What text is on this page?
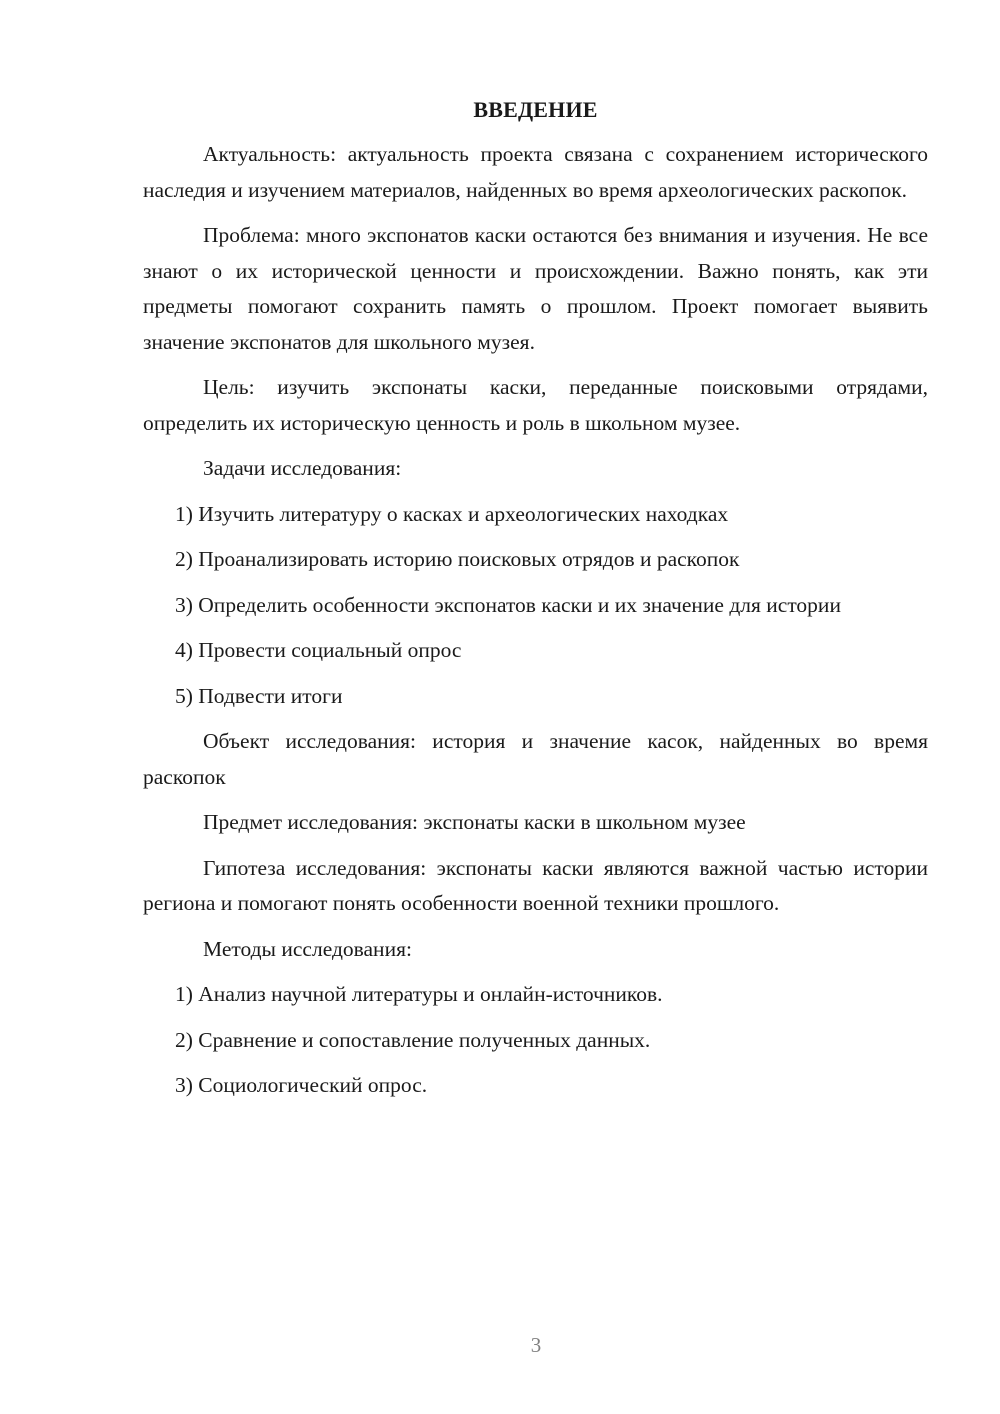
ВВЕДЕНИЕ

Актуальность: актуальность проекта связана с сохранением исторического наследия и изучением материалов, найденных во время археологических раскопок.

Проблема: много экспонатов каски остаются без внимания и изучения. Не все знают о их исторической ценности и происхождении. Важно понять, как эти предметы помогают сохранить память о прошлом. Проект помогает выявить значение экспонатов для школьного музея.

Цель: изучить экспонаты каски, переданные поисковыми отрядами, определить их историческую ценность и роль в школьном музее.

Задачи исследования:

1) Изучить литературу о касках и археологических находках

2) Проанализировать историю поисковых отрядов и раскопок

3) Определить особенности экспонатов каски и их значение для истории

4) Провести социальный опрос

5) Подвести итоги

Объект исследования: история и значение касок, найденных во время раскопок

Предмет исследования: экспонаты каски в школьном музее

Гипотеза исследования: экспонаты каски являются важной частью истории региона и помогают понять особенности военной техники прошлого.

Методы исследования:

1) Анализ научной литературы и онлайн-источников.

2) Сравнение и сопоставление полученных данных.

3) Социологический опрос.

3
